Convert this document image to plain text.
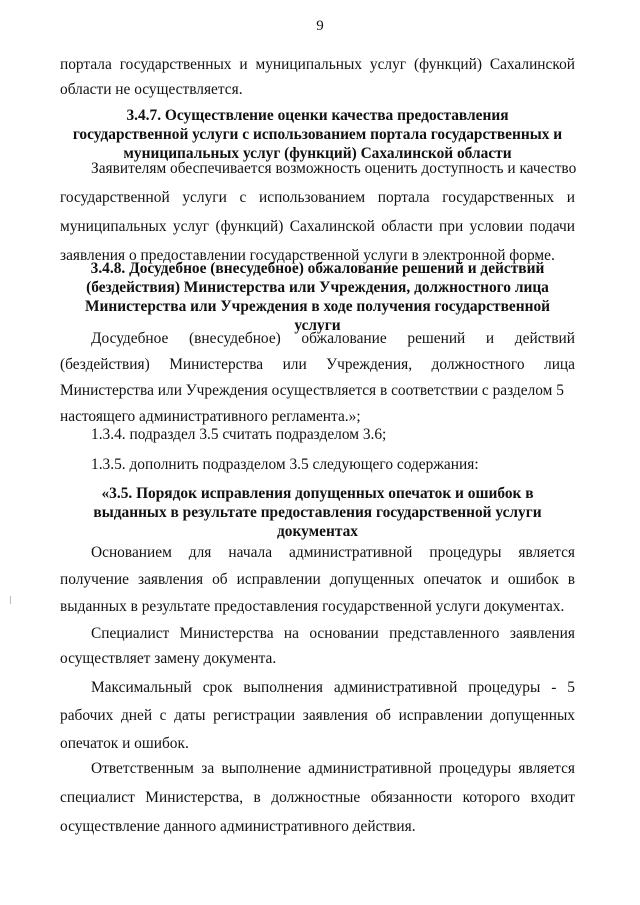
9
портала государственных и муниципальных услуг (функций) Сахалинской
области не осуществляется.
3.4.7. Осуществление оценки качества предоставления
государственной услуги с использованием портала государственных и
муниципальных услуг (функций) Сахалинской области
Заявителям обеспечивается возможность оценить доступность и качество
государственной услуги с использованием портала государственных и
муниципальных услуг (функций) Сахалинской области при условии подачи
заявления о предоставлении государственной услуги в электронной форме.
3.4.8. Досудебное (внесудебное) обжалование решений и действий
(бездействия) Министерства или Учреждения, должностного лица
Министерства или Учреждения в ходе получения государственной
услуги
Досудебное (внесудебное) обжалование решений и действий
(бездействия) Министерства или Учреждения, должностного лица
Министерства или Учреждения осуществляется в соответствии с разделом 5
настоящего административного регламента.»;
1.3.4. подраздел 3.5 считать подразделом 3.6;
1.3.5. дополнить подразделом 3.5 следующего содержания:
«3.5. Порядок исправления допущенных опечаток и ошибок в
выданных в результате предоставления государственной услуги
документах
Основанием для начала административной процедуры является
получение заявления об исправлении допущенных опечаток и ошибок в
выданных в результате предоставления государственной услуги документах.
Специалист Министерства на основании представленного заявления
осуществляет замену документа.
Максимальный срок выполнения административной процедуры - 5
рабочих дней с даты регистрации заявления об исправлении допущенных
опечаток и ошибок.
Ответственным за выполнение административной процедуры является
специалист Министерства, в должностные обязанности которого входит
осуществление данного административного действия.
